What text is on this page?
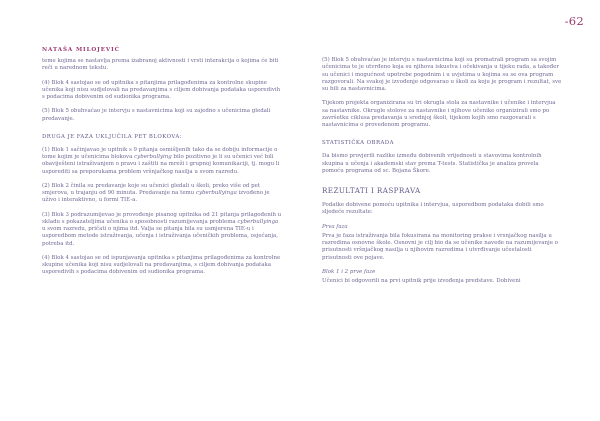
-62
NATAŠA MILOJEVIĆ

teme kojima se nastavlja prema izabranoj aktivnosti i vrsti interakcija o kojima će biti reči u narednom tekstu.

(4) Blok 4 sastojao se od upitnika s pitanjima prilagođenima za kontrolne skupine učenika koji nisu sudjelovali na predavanjima s ciljem dobivanja podataka usporedivih s podacima dobivenim od sudionika programa.

(5) Blok 5 obuhvaćao je intervju s nastavnicima koji su zajedno s učenicima gledali predavanje.

DRUGA JE FAZA UKLJUČILA PET BLOKOVA:

(1) Blok 1 sačinjavao je upitnik s 9 pitanja osmišljenih tako da se dobiju informacije o tome kojim je učenicima blokova cyberbullying bilo pozitivno je li su učenici već bili obaviješteni istraživanjem o pravu i zaštiti na mreži i grupnoj komunikaciji, tj. mogu li usporediti sa preporukama problem vršnjačkog nasilja u svom razredu.

(2) Blok 2 činila su predavanje koje su učenici gledali u školi, preko više od pet smjerova, u trajanju od 90 minuta. Predavanje na temu cyberbullyinga izvođeno je uživo i interaktivno, u formi TIE-a.

(3) Blok 3 podrazumijevao je provođenje pisanog upitnika od 21 pitanja prilagođenih u skladu s pokazateljima učenika o sposobnosti razumijevanja problema cyberbullyinga u svom razredu, pričati o njima itd. Valja se pitanja bila su usmjerena TIE-u i usporedbom metode istraživanja, učenja i istraživanja učeničkih problema, osjećanja, potreba itd.

(4) Blok 4 sastojao se od ispunjavanja upitnika s pitanjima prilagođenima za kontrolne skupine učenika koji nisu sudjelovali na predavanjima, s ciljem dobivanja podataka usporedivih s podacima dobivenim od sudionika programa.

(5) Blok 5 obuhvaćao je intervju s nastavnicima koji su promatrali program sa svojim učenicima te je utvrđeno koja su njihova iskustva i očekivanja u tijeku rada, a također su učenici i mogućnost upotrebe pogodnim i u uvjetima u kojima su se ova program razgovorali. Na svakoj je izvođenje odgovarao u školi za koju je program i rezultat, sve su bili za nastavnicima.

Tijekom projekta organizirana su tri okrugla stola za nastavnike i učenike i intervjua sa nastavnike. Okrugle stolove za nastavnike i njihove učenike organizirali smo po završetku ciklusa predavanja u srednjoj školi, tijekom kojih smo razgovarali s nastavnicima o provedenom programu.

STATISTIČKA OBRADA

Da bismo provjerili razlike između dobivenih vrijednosti u stavovima kontrolnih skupina u učenja i akademski stav prema T-tests. Statistička je analiza provela pomoću programa od sc. Bojana Škore.

REZULTATI I RASPRAVA

Podatke dobivene pomoću upitnika i intervjua, usporedbom podataka dobili smo sljedeće rezultate:

Prva faza

Prva je faza istraživanja bila fokusirana na monitoring prakse i vrsnjačkog nasilja u razredima osnovne škole. Osnovni je cilj bio da se učenike navede na razumijevanje o prisutnosti vršnjačkog nasilja u njihovim razredima i utvrđivanje učestalosti prisutnosti ove pojave.

Blok 1 i 2 prve faze

Učenici bi odgovorili na prvi upitnik prije izvođenja predstave. Dobiveni
